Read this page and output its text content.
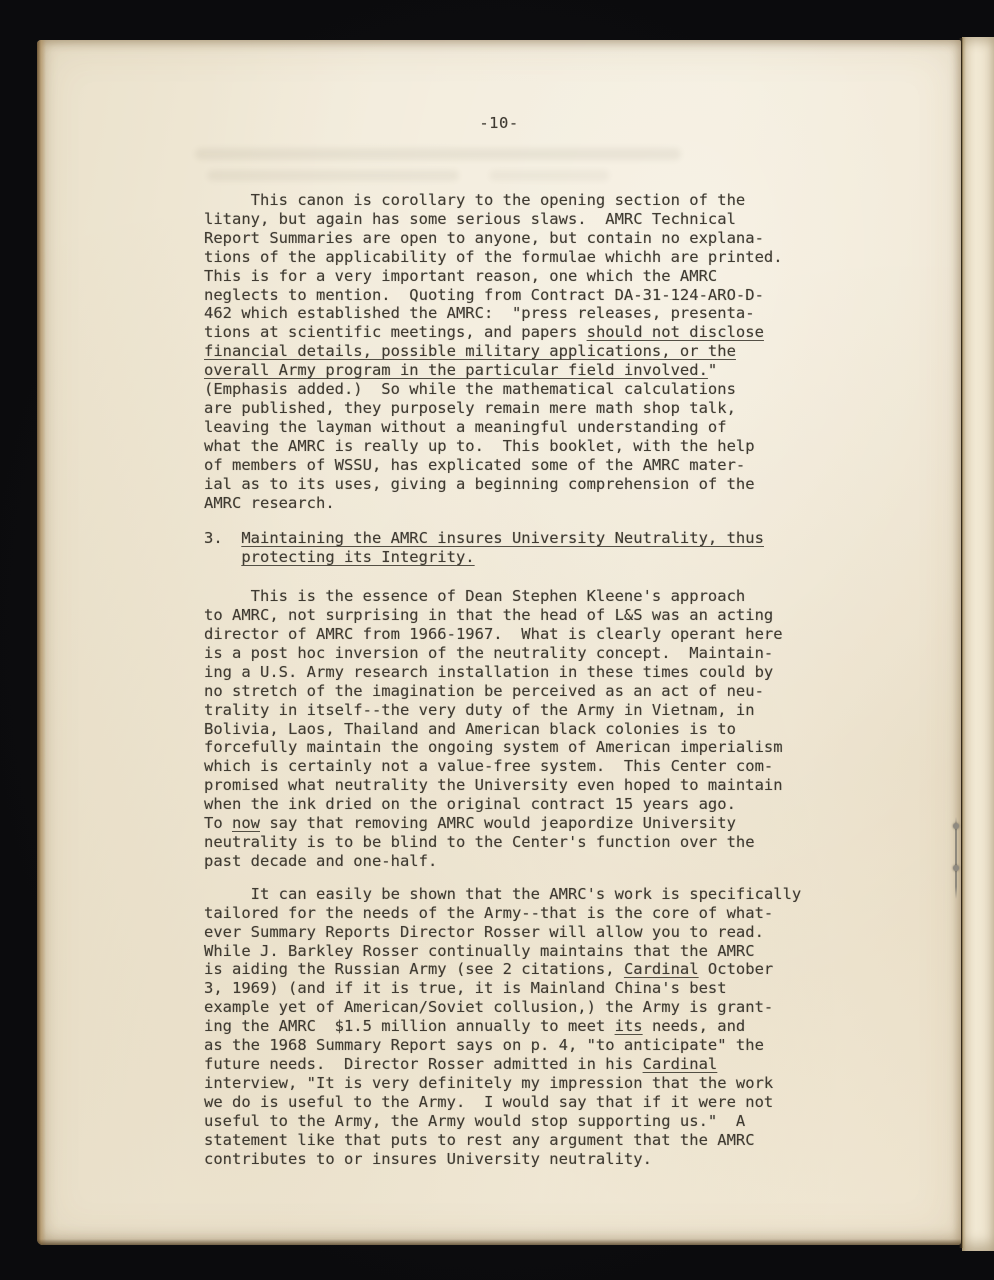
-10-
This canon is corollary to the opening section of the
litany, but again has some serious slaws.  AMRC Technical
Report Summaries are open to anyone, but contain no explana-
tions of the applicability of the formulae whichh are printed.
This is for a very important reason, one which the AMRC
neglects to mention.  Quoting from Contract DA-31-124-ARO-D-
462 which established the AMRC:  "press releases, presenta-
tions at scientific meetings, and papers should not disclose
financial details, possible military applications, or the
overall Army program in the particular field involved."
(Emphasis added.)  So while the mathematical calculations
are published, they purposely remain mere math shop talk,
leaving the layman without a meaningful understanding of
what the AMRC is really up to.  This booklet, with the help
of members of WSSU, has explicated some of the AMRC mater-
ial as to its uses, giving a beginning comprehension of the
AMRC research.
3.  Maintaining the AMRC insures University Neutrality, thus
protecting its Integrity.
This is the essence of Dean Stephen Kleene's approach
to AMRC, not surprising in that the head of L&S was an acting
director of AMRC from 1966-1967.  What is clearly operant here
is a post hoc inversion of the neutrality concept.  Maintain-
ing a U.S. Army research installation in these times could by
no stretch of the imagination be perceived as an act of neu-
trality in itself--the very duty of the Army in Vietnam, in
Bolivia, Laos, Thailand and American black colonies is to
forcefully maintain the ongoing system of American imperialism
which is certainly not a value-free system.  This Center com-
promised what neutrality the University even hoped to maintain
when the ink dried on the original contract 15 years ago.
To now say that removing AMRC would jeapordize University
neutrality is to be blind to the Center's function over the
past decade and one-half.
It can easily be shown that the AMRC's work is specifically
tailored for the needs of the Army--that is the core of what-
ever Summary Reports Director Rosser will allow you to read.
While J. Barkley Rosser continually maintains that the AMRC
is aiding the Russian Army (see 2 citations, Cardinal October
3, 1969) (and if it is true, it is Mainland China's best
example yet of American/Soviet collusion,) the Army is grant-
ing the AMRC  $1.5 million annually to meet its needs, and
as the 1968 Summary Report says on p. 4, "to anticipate" the
future needs.  Director Rosser admitted in his Cardinal
interview, "It is very definitely my impression that the work
we do is useful to the Army.  I would say that if it were not
useful to the Army, the Army would stop supporting us."  A
statement like that puts to rest any argument that the AMRC
contributes to or insures University neutrality.
